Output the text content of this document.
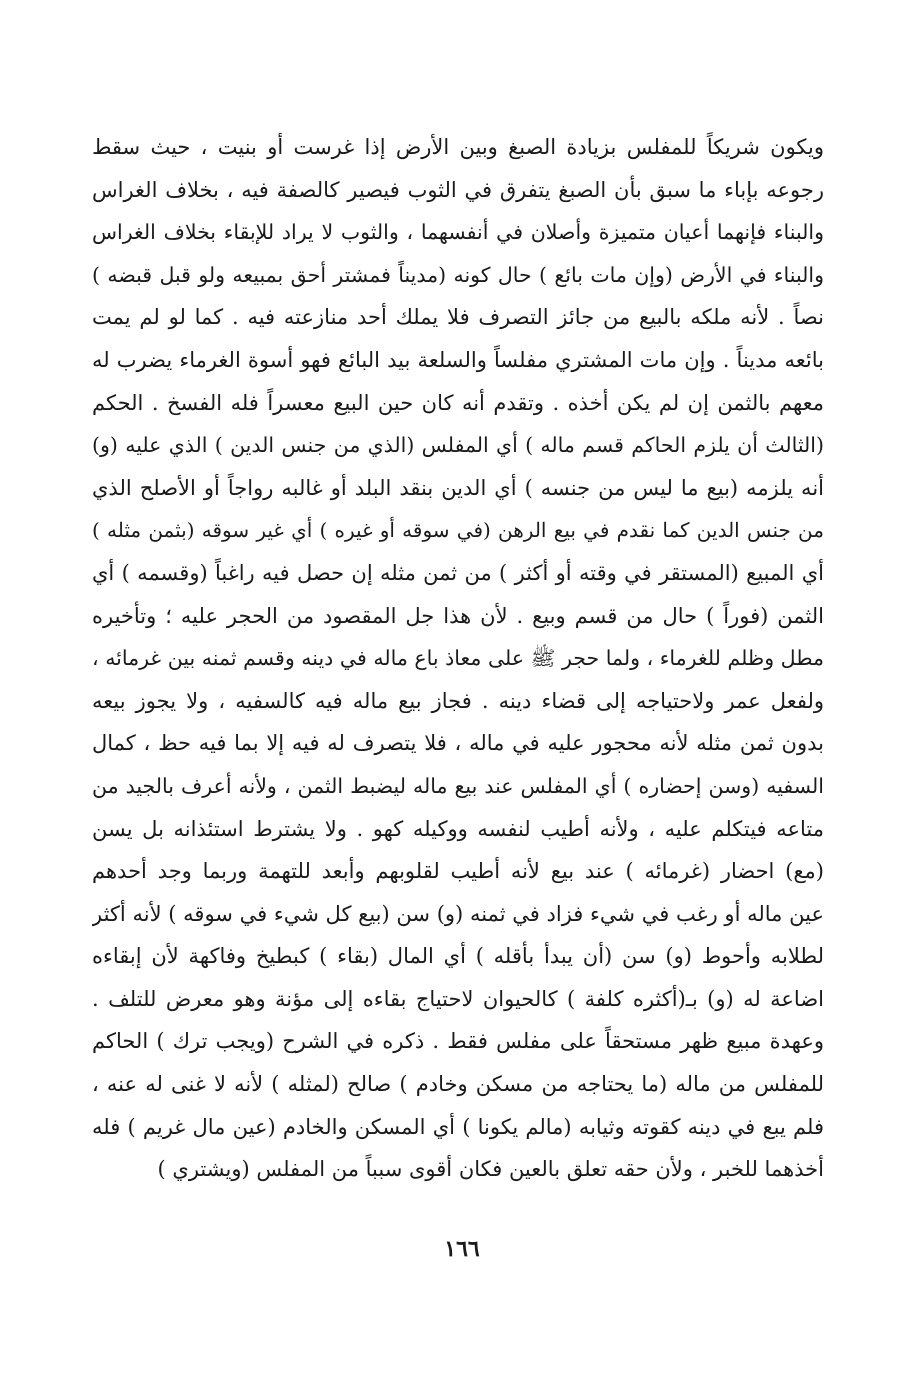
ويكون شريكاً للمفلس بزيادة الصبغ وبين الأرض إذا غرست أو بنيت ، حيث سقط
رجوعه بإباء ما سبق بأن الصبغ يتفرق في الثوب فيصير كالصفة فيه ، بخلاف الغراس
والبناء فإنهما أعيان متميزة وأصلان في أنفسهما ، والثوب لا يراد للإبقاء بخلاف الغراس
والبناء في الأرض (وإن مات بائع ) حال كونه (مديناً فمشتر أحق بمبيعه ولو قبل قبضه )
نصاً . لأنه ملكه بالبيع من جائز التصرف فلا يملك أحد منازعته فيه . كما لو لم يمت
بائعه مديناً . وإن مات المشتري مفلساً والسلعة بيد البائع فهو أسوة الغرماء يضرب له
معهم بالثمن إن لم يكن أخذه . وتقدم أنه كان حين البيع معسراً فله الفسخ . الحكم
(الثالث أن يلزم الحاكم قسم ماله ) أي المفلس (الذي من جنس الدين ) الذي عليه (و)
أنه يلزمه (بيع ما ليس من جنسه ) أي الدين بنقد البلد أو غالبه رواجاً أو الأصلح الذي
من جنس الدين كما نقدم في بيع الرهن (في سوقه أو غيره ) أي غير سوقه (بثمن مثله )
أي المبيع (المستقر في وقته أو أكثر ) من ثمن مثله إن حصل فيه راغباً (وقسمه ) أي
الثمن (فوراً ) حال من قسم وبيع . لأن هذا جل المقصود من الحجر عليه ؛ وتأخيره
مطل وظلم للغرماء ، ولما حجر ﷺ على معاذ باع ماله في دينه وقسم ثمنه بين غرمائه ،
ولفعل عمر ولاحتياجه إلى قضاء دينه . فجاز بيع ماله فيه كالسفيه ، ولا يجوز بيعه
بدون ثمن مثله لأنه محجور عليه في ماله ، فلا يتصرف له فيه إلا بما فيه حظ ، كمال
السفيه (وسن إحضاره ) أي المفلس عند بيع ماله ليضبط الثمن ، ولأنه أعرف بالجيد من
متاعه فيتكلم عليه ، ولأنه أطيب لنفسه ووكيله كهو . ولا يشترط استئذانه بل يسن
(مع) احضار (غرمائه ) عند بيع لأنه أطيب لقلوبهم وأبعد للتهمة وربما وجد أحدهم
عين ماله أو رغب في شيء فزاد في ثمنه (و) سن (بيع كل شيء في سوقه ) لأنه أكثر
لطلابه وأحوط (و) سن (أن يبدأ بأقله ) أي المال (بقاء ) كبطيخ وفاكهة لأن إبقاءه
اضاعة له (و) بـ(أكثره كلفة ) كالحيوان لاحتياج بقاءه إلى مؤنة وهو معرض للتلف .
وعهدة مبيع ظهر مستحقاً على مفلس فقط . ذكره في الشرح (ويجب ترك ) الحاكم
للمفلس من ماله (ما يحتاجه من مسكن وخادم ) صالح (لمثله ) لأنه لا غنى له عنه ،
فلم يبع في دينه كقوته وثيابه (مالم يكونا ) أي المسكن والخادم (عين مال غريم ) فله
أخذهما للخبر ، ولأن حقه تعلق بالعين فكان أقوى سبباً من المفلس (ويشتري )
١٦٦
